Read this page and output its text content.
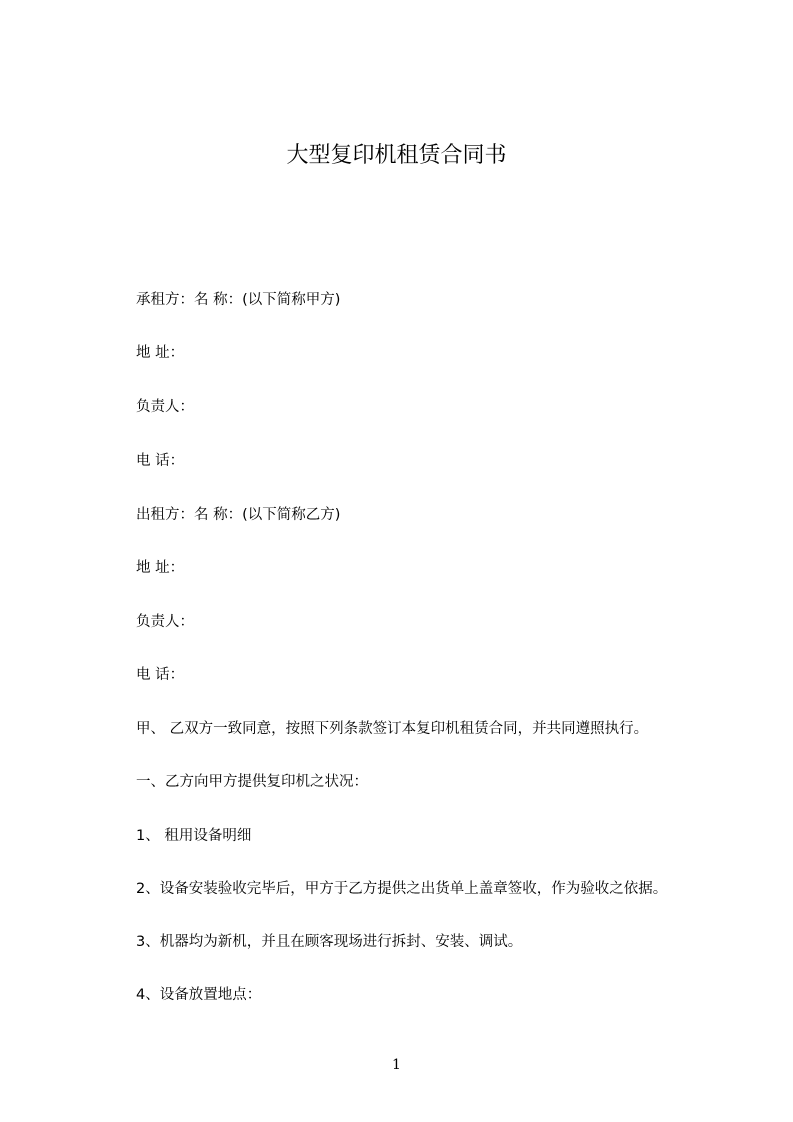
大型复印机租赁合同书
承租方：名 称：(以下简称甲方)
地 址：
负责人：
电 话：
出租方：名 称：(以下简称乙方)
地 址：
负责人：
电 话：
甲、 乙双方一致同意，按照下列条款签订本复印机租赁合同，并共同遵照执行。
一、乙方向甲方提供复印机之状况：
1、 租用设备明细
2、设备安装验收完毕后，甲方于乙方提供之出货单上盖章签收，作为验收之依据。
3、机器均为新机，并且在顾客现场进行拆封、安装、调试。
4、设备放置地点：
1
